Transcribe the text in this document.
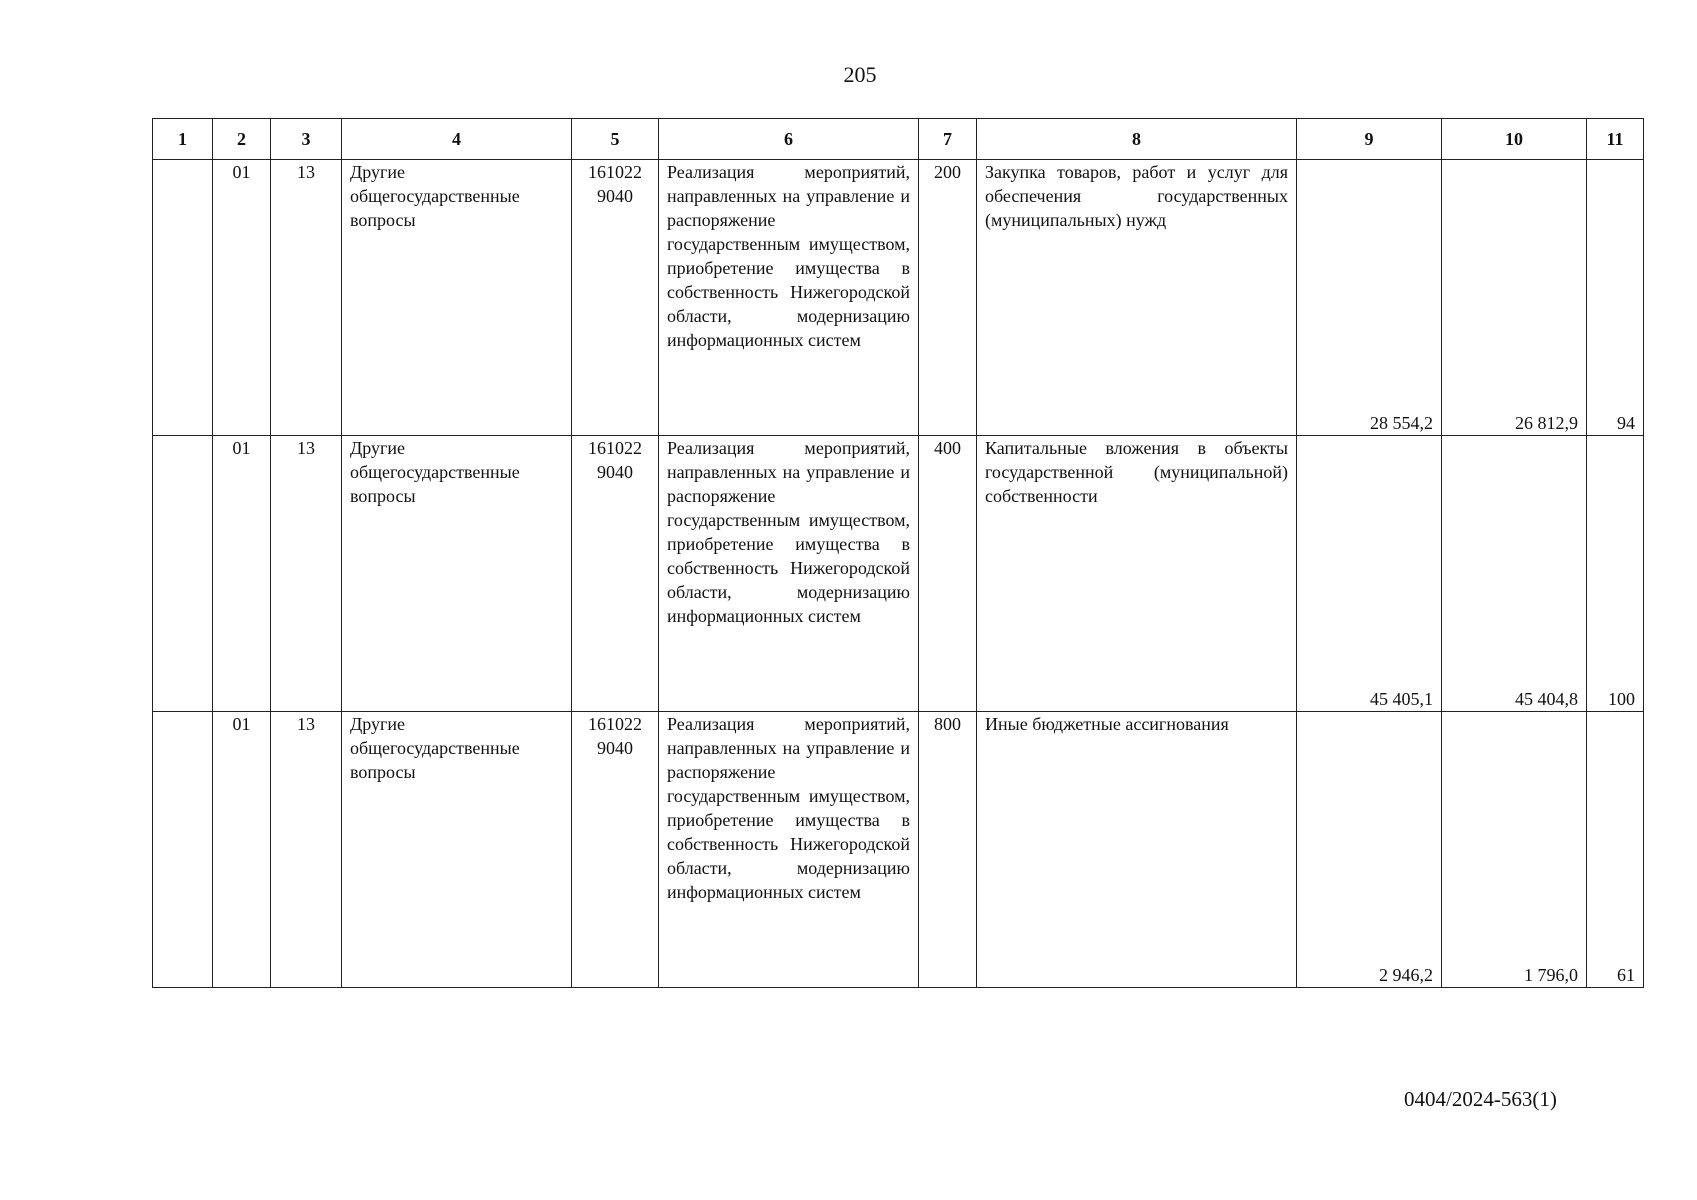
205
1	2	3	4	5	6	7	8	9	10	11
	01	13	Другие общегосударственные вопросы	161022 9040	Реализация мероприятий, направленных на управление и распоряжение государственным имуществом, приобретение имущества в собственность Нижегородской области, модернизацию информационных систем	200	Закупка товаров, работ и услуг для обеспечения государственных (муниципальных) нужд	28 554,2	26 812,9	94
	01	13	Другие общегосударственные вопросы	161022 9040	Реализация мероприятий, направленных на управление и распоряжение государственным имуществом, приобретение имущества в собственность Нижегородской области, модернизацию информационных систем	400	Капитальные вложения в объекты государственной (муниципальной) собственности	45 405,1	45 404,8	100
	01	13	Другие общегосударственные вопросы	161022 9040	Реализация мероприятий, направленных на управление и распоряжение государственным имуществом, приобретение имущества в собственность Нижегородской области, модернизацию информационных систем	800	Иные бюджетные ассигнования	2 946,2	1 796,0	61
0404/2024-563(1)
